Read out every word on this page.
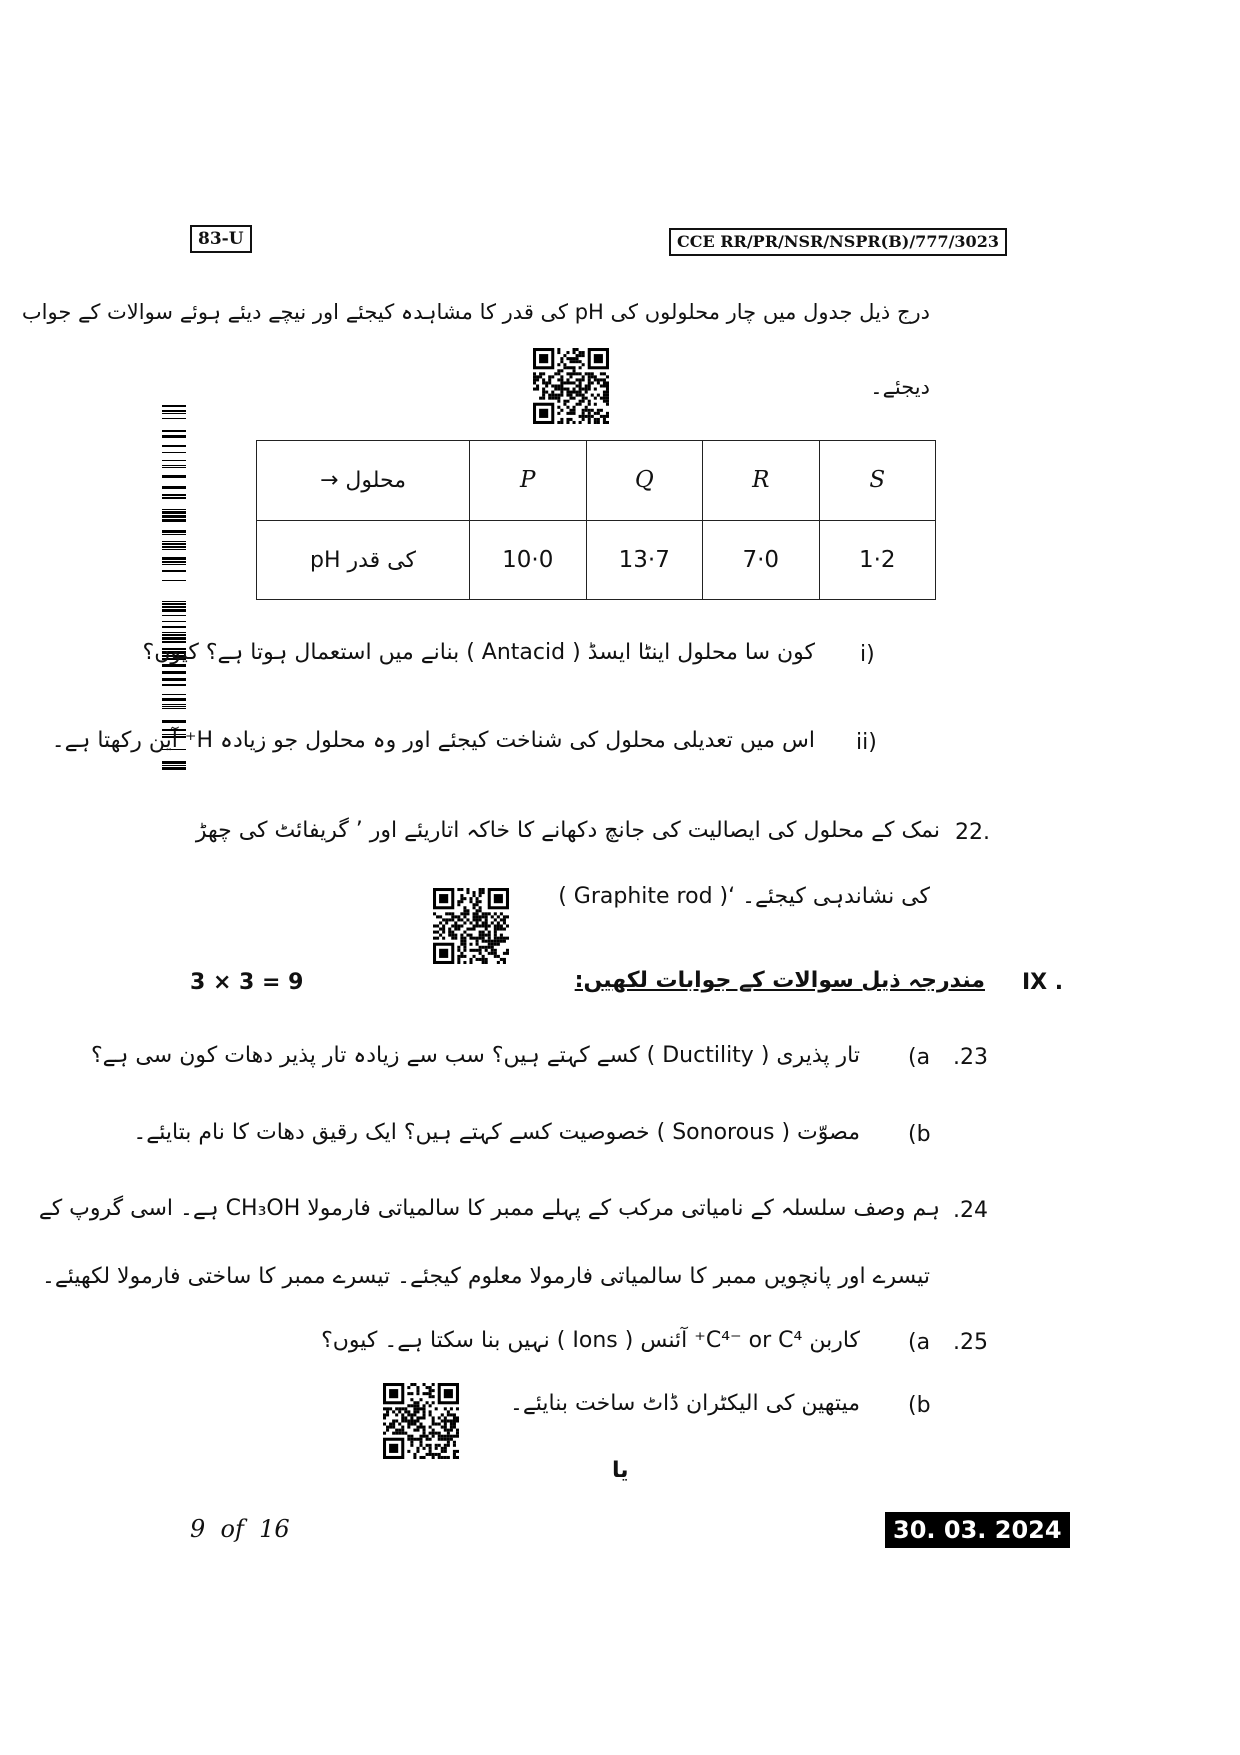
83-U	CCE RR/PR/NSR/NSPR(B)/777/3023
درج ذیل جدول میں چار محلولوں کی pH کی قدر کا مشاہدہ کیجئے اور نیچے دیئے ہوئے سوالات کے جواب
دیجئے۔
محلول →	P	Q	R	S
pH کی قدر	10·0	13·7	7·0	1·2
i)
کون سا محلول اینٹا ایسڈ ( Antacid ) بنانے میں استعمال ہوتا ہے؟ کیوں؟
ii)
اس میں تعدیلی محلول کی شناخت کیجئے اور وہ محلول جو زیادہ H⁺ آین رکھتا ہے۔
22.
نمک کے محلول کی ایصالیت کی جانچ دکھانے کا خاکہ اتاریئے اور ’ گریفائٹ کی چھڑ
( Graphite rod )‘ کی نشاندہی کیجئے۔
IX .
مندرجہ ذیل سوالات کے جوابات لکھیں:
3 × 3 = 9
.23
(a
تار پذیری ( Ductility ) کسے کہتے ہیں؟ سب سے زیادہ تار پذیر دھات کون سی ہے؟
(b
مصوّت ( Sonorous ) خصوصیت کسے کہتے ہیں؟ ایک رقیق دھات کا نام بتایئے۔
.24
ہم وصف سلسلہ کے نامیاتی مرکب کے پہلے ممبر کا سالمیاتی فارمولا CH₃OH ہے۔ اسی گروپ کے
تیسرے اور پانچویں ممبر کا سالمیاتی فارمولا معلوم کیجئے۔ تیسرے ممبر کا ساختی فارمولا لکھیئے۔
.25
(a
کاربن C⁴⁻ or C⁴⁺ آئنس ( Ions ) نہیں بنا سکتا ہے۔ کیوں؟
(b
میتھین کی الیکٹران ڈاٹ ساخت بنایئے۔
یا
9  of  16	30. 03. 2024
